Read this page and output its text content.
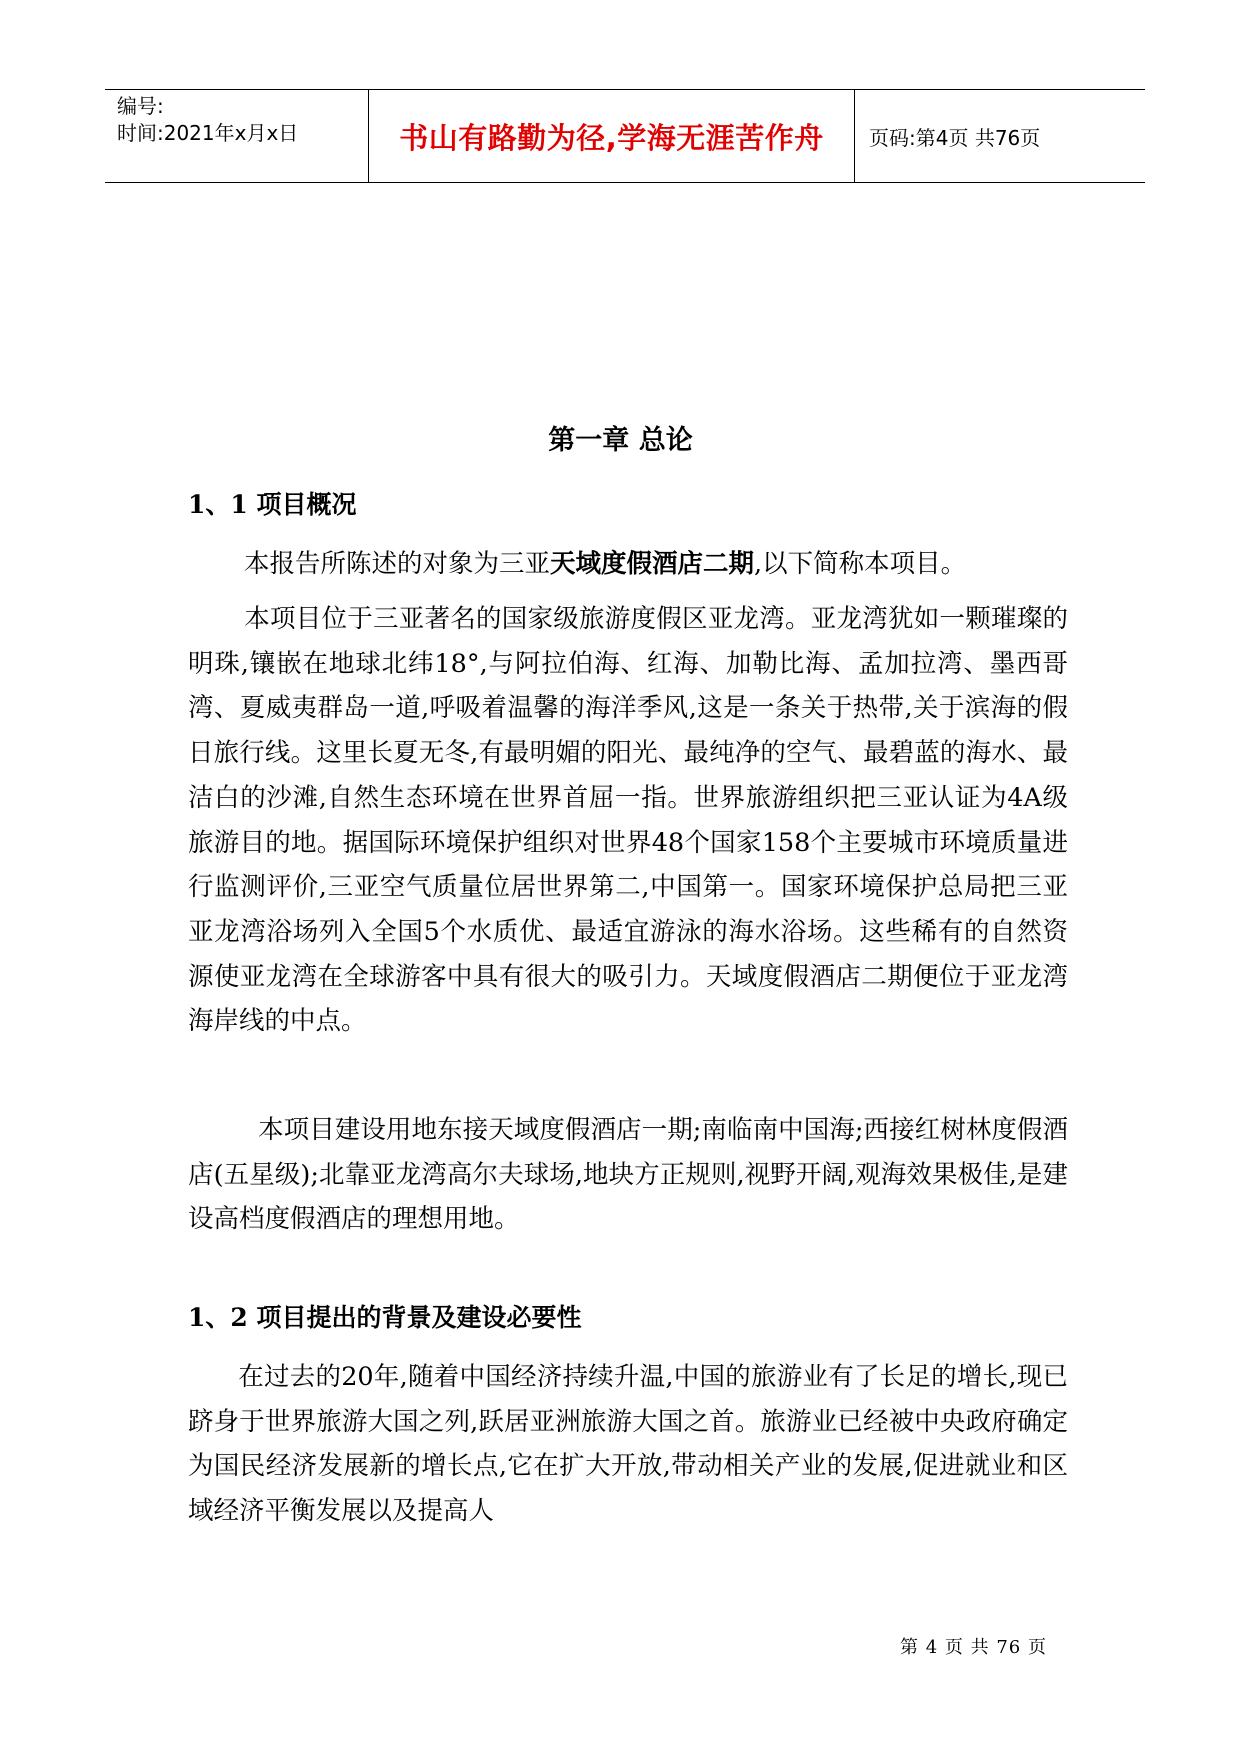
编号:
时间:2021年x月x日	书山有路勤为径,学海无涯苦作舟	页码:第4页 共76页
第一章 总论
1、1 项目概况
本报告所陈述的对象为三亚天域度假酒店二期,以下简称本项目。
本项目位于三亚著名的国家级旅游度假区亚龙湾。亚龙湾犹如一颗璀璨的明珠,镶嵌在地球北纬18°,与阿拉伯海、红海、加勒比海、孟加拉湾、墨西哥湾、夏威夷群岛一道,呼吸着温馨的海洋季风,这是一条关于热带,关于滨海的假日旅行线。这里长夏无冬,有最明媚的阳光、最纯净的空气、最碧蓝的海水、最洁白的沙滩,自然生态环境在世界首屈一指。世界旅游组织把三亚认证为4A级旅游目的地。据国际环境保护组织对世界48个国家158个主要城市环境质量进行监测评价,三亚空气质量位居世界第二,中国第一。国家环境保护总局把三亚亚龙湾浴场列入全国5个水质优、最适宜游泳的海水浴场。这些稀有的自然资源使亚龙湾在全球游客中具有很大的吸引力。天域度假酒店二期便位于亚龙湾海岸线的中点。
本项目建设用地东接天域度假酒店一期;南临南中国海;西接红树林度假酒店(五星级);北靠亚龙湾高尔夫球场,地块方正规则,视野开阔,观海效果极佳,是建设高档度假酒店的理想用地。
1、2 项目提出的背景及建设必要性
在过去的20年,随着中国经济持续升温,中国的旅游业有了长足的增长,现已跻身于世界旅游大国之列,跃居亚洲旅游大国之首。旅游业已经被中央政府确定为国民经济发展新的增长点,它在扩大开放,带动相关产业的发展,促进就业和区域经济平衡发展以及提高人
第 4 页 共 76 页
